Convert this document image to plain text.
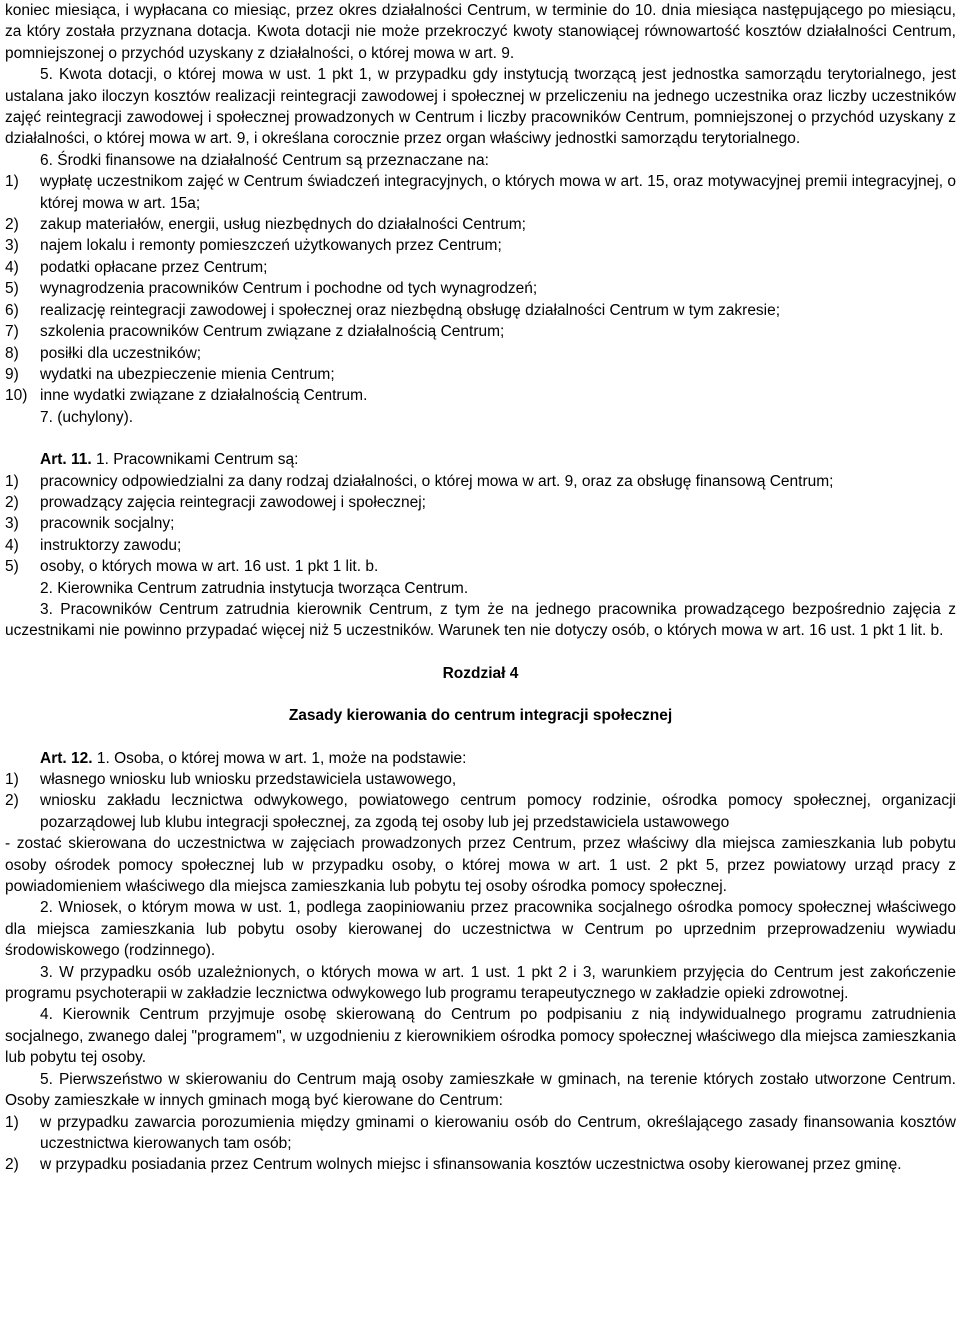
koniec miesiąca, i wypłacana co miesiąc, przez okres działalności Centrum, w terminie do 10. dnia miesiąca następującego po miesiącu, za który została przyznana dotacja. Kwota dotacji nie może przekroczyć kwoty stanowiącej równowartość kosztów działalności Centrum, pomniejszonej o przychód uzyskany z działalności, o której mowa w art. 9.

5. Kwota dotacji, o której mowa w ust. 1 pkt 1, w przypadku gdy instytucją tworzącą jest jednostka samorządu terytorialnego, jest ustalana jako iloczyn kosztów realizacji reintegracji zawodowej i społecznej w przeliczeniu na jednego uczestnika oraz liczby uczestników zajęć reintegracji zawodowej i społecznej prowadzonych w Centrum i liczby pracowników Centrum, pomniejszonej o przychód uzyskany z działalności, o której mowa w art. 9, i określana corocznie przez organ właściwy jednostki samorządu terytorialnego.

6. Środki finansowe na działalność Centrum są przeznaczane na:

1)	wypłatę uczestnikom zajęć w Centrum świadczeń integracyjnych, o których mowa w art. 15, oraz motywacyjnej premii integracyjnej, o której mowa w art. 15a;
2)	zakup materiałów, energii, usług niezbędnych do działalności Centrum;
3)	najem lokalu i remonty pomieszczeń użytkowanych przez Centrum;
4)	podatki opłacane przez Centrum;
5)	wynagrodzenia pracowników Centrum i pochodne od tych wynagrodzeń;
6)	realizację reintegracji zawodowej i społecznej oraz niezbędną obsługę działalności Centrum w tym zakresie;
7)	szkolenia pracowników Centrum związane z działalnością Centrum;
8)	posiłki dla uczestników;
9)	wydatki na ubezpieczenie mienia Centrum;
10) inne wydatki związane z działalnością Centrum.

7. (uchylony).

Art. 11. 1. Pracownikami Centrum są:

1)	pracownicy odpowiedzialni za dany rodzaj działalności, o której mowa w art. 9, oraz za obsługę finansową Centrum;
2)	prowadzący zajęcia reintegracji zawodowej i społecznej;
3)	pracownik socjalny;
4)	instruktorzy zawodu;
5)	osoby, o których mowa w art. 16 ust. 1 pkt 1 lit. b.

2. Kierownika Centrum zatrudnia instytucja tworząca Centrum.

3. Pracowników Centrum zatrudnia kierownik Centrum, z tym że na jednego pracownika prowadzącego bezpośrednio zajęcia z uczestnikami nie powinno przypadać więcej niż 5 uczestników. Warunek ten nie dotyczy osób, o których mowa w art. 16 ust. 1 pkt 1 lit. b.

Rozdział 4

Zasady kierowania do centrum integracji społecznej

Art. 12. 1. Osoba, o której mowa w art. 1, może na podstawie:

1)	własnego wniosku lub wniosku przedstawiciela ustawowego,
2)	wniosku zakładu lecznictwa odwykowego, powiatowego centrum pomocy rodzinie, ośrodka pomocy społecznej, organizacji pozarządowej lub klubu integracji społecznej, za zgodą tej osoby lub jej przedstawiciela ustawowego

- zostać skierowana do uczestnictwa w zajęciach prowadzonych przez Centrum, przez właściwy dla miejsca zamieszkania lub pobytu osoby ośrodek pomocy społecznej lub w przypadku osoby, o której mowa w art. 1 ust. 2 pkt 5, przez powiatowy urząd pracy z powiadomieniem właściwego dla miejsca zamieszkania lub pobytu tej osoby ośrodka pomocy społecznej.

2. Wniosek, o którym mowa w ust. 1, podlega zaopiniowaniu przez pracownika socjalnego ośrodka pomocy społecznej właściwego dla miejsca zamieszkania lub pobytu osoby kierowanej do uczestnictwa w Centrum po uprzednim przeprowadzeniu wywiadu środowiskowego (rodzinnego).

3. W przypadku osób uzależnionych, o których mowa w art. 1 ust. 1 pkt 2 i 3, warunkiem przyjęcia do Centrum jest zakończenie programu psychoterapii w zakładzie lecznictwa odwykowego lub programu terapeutycznego w zakładzie opieki zdrowotnej.

4. Kierownik Centrum przyjmuje osobę skierowaną do Centrum po podpisaniu z nią indywidualnego programu zatrudnienia socjalnego, zwanego dalej "programem", w uzgodnieniu z kierownikiem ośrodka pomocy społecznej właściwego dla miejsca zamieszkania lub pobytu tej osoby.

5. Pierwszeństwo w skierowaniu do Centrum mają osoby zamieszkałe w gminach, na terenie których zostało utworzone Centrum. Osoby zamieszkałe w innych gminach mogą być kierowane do Centrum:

1)	w przypadku zawarcia porozumienia między gminami o kierowaniu osób do Centrum, określającego zasady finansowania kosztów uczestnictwa kierowanych tam osób;
2)	w przypadku posiadania przez Centrum wolnych miejsc i sfinansowania kosztów uczestnictwa osoby kierowanej przez gminę.
